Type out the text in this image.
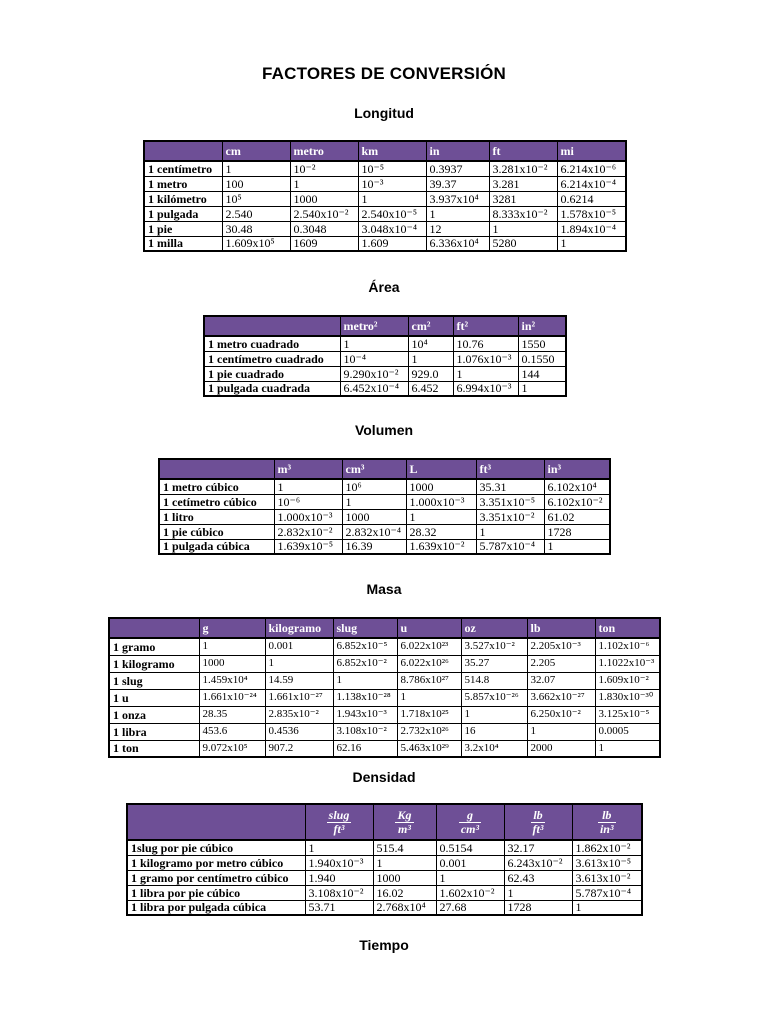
FACTORES DE CONVERSIÓN
Longitud
	cm	metro	km	in	ft	mi
1 centímetro	1	10⁻²	10⁻⁵	0.3937	3.281x10⁻²	6.214x10⁻⁶
1 metro	100	1	10⁻³	39.37	3.281	6.214x10⁻⁴
1 kilómetro	10⁵	1000	1	3.937x10⁴	3281	0.6214
1 pulgada	2.540	2.540x10⁻²	2.540x10⁻⁵	1	8.333x10⁻²	1.578x10⁻⁵
1 pie	30.48	0.3048	3.048x10⁻⁴	12	1	1.894x10⁻⁴
1 milla	1.609x10⁵	1609	1.609	6.336x10⁴	5280	1
Área
	metro²	cm²	ft²	in²
1 metro cuadrado	1	10⁴	10.76	1550
1 centímetro cuadrado	10⁻⁴	1	1.076x10⁻³	0.1550
1 pie cuadrado	9.290x10⁻²	929.0	1	144
1 pulgada cuadrada	6.452x10⁻⁴	6.452	6.994x10⁻³	1
Volumen
	m³	cm³	L	ft³	in³
1 metro cúbico	1	10⁶	1000	35.31	6.102x10⁴
1 cetímetro cúbico	10⁻⁶	1	1.000x10⁻³	3.351x10⁻⁵	6.102x10⁻²
1 litro	1.000x10⁻³	1000	1	3.351x10⁻²	61.02
1 pie cúbico	2.832x10⁻²	2.832x10⁻⁴	28.32	1	1728
1 pulgada cúbica	1.639x10⁻⁵	16.39	1.639x10⁻²	5.787x10⁻⁴	1
Masa
	g	kilogramo	slug	u	oz	lb	ton
1 gramo	1	0.001	6.852x10⁻⁵	6.022x10²³	3.527x10⁻²	2.205x10⁻³	1.102x10⁻⁶
1 kilogramo	1000	1	6.852x10⁻²	6.022x10²⁶	35.27	2.205	1.1022x10⁻³
1 slug	1.459x10⁴	14.59	1	8.786x10²⁷	514.8	32.07	1.609x10⁻²
1 u	1.661x10⁻²⁴	1.661x10⁻²⁷	1.138x10⁻²⁸	1	5.857x10⁻²⁶	3.662x10⁻²⁷	1.830x10⁻³⁰
1 onza	28.35	2.835x10⁻²	1.943x10⁻³	1.718x10²⁵	1	6.250x10⁻²	3.125x10⁻⁵
1 libra	453.6	0.4536	3.108x10⁻²	2.732x10²⁶	16	1	0.0005
1 ton	9.072x10⁵	907.2	62.16	5.463x10²⁹	3.2x10⁴	2000	1
Densidad

	$\frac{\text{slug}}{\text{ft³}}$	$\frac{Kg}{\text{m³}}$	$\frac{g}{\text{cm³}}$	$\frac{lb}{\text{ft³}}$	$\frac{lb}{\text{in³}}$

1slug por pie cúbico	1	515.4	0.5154	32.17	1.862x10⁻²
1 kilogramo por metro cúbico	1.940x10⁻³	1	0.001	6.243x10⁻²	3.613x10⁻⁵
1 gramo por centímetro cúbico	1.940	1000	1	62.43	3.613x10⁻²
1 libra por pie cúbico	3.108x10⁻²	16.02	1.602x10⁻²	1	5.787x10⁻⁴
1 libra por pulgada cúbica	53.71	2.768x10⁴	27.68	1728	1
Tiempo
